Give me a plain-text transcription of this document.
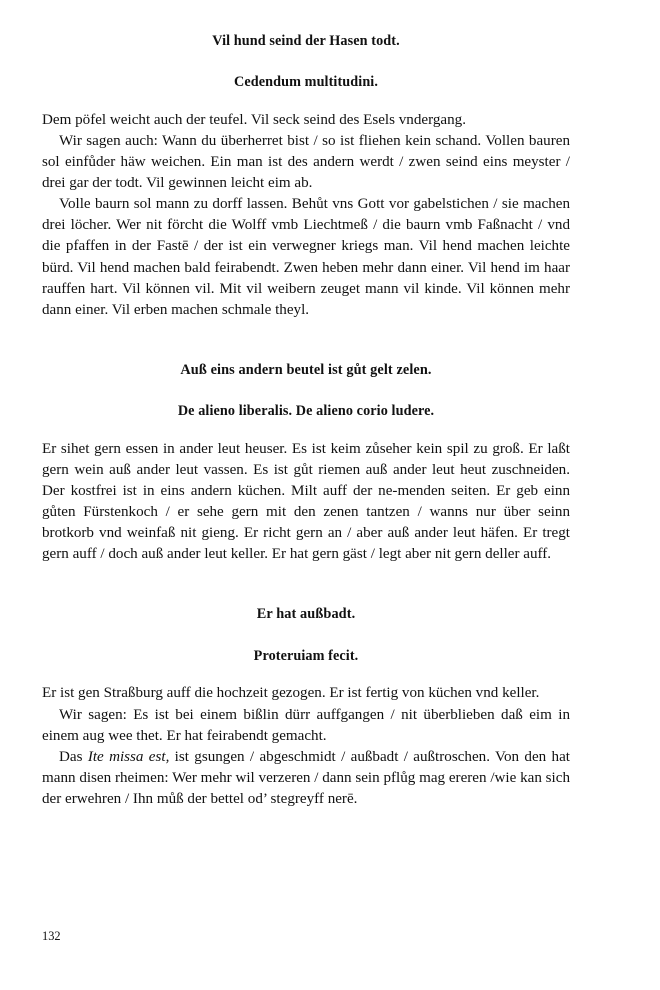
Vil hund seind der Hasen todt.

Cedendum multitudini.

Dem pöfel weicht auch der teufel. Vil seck seind des Esels vndergang.

Wir sagen auch: Wann du überherret bist / so ist fliehen kein schand. Vollen bauren sol einfůder häw weichen. Ein man ist des andern werdt / zwen seind eins meyster / drei gar der todt. Vil gewinnen leicht eim ab.

Volle baurn sol mann zu dorff lassen. Behůt vns Gott vor gabelstichen / sie machen drei löcher. Wer nit förcht die Wolff vmb Liechtmeß / die baurn vmb Faßnacht / vnd die pfaffen in der Fastē / der ist ein verwegner kriegs man. Vil hend machen leichte bürd. Vil hend machen bald feirabendt. Zwen heben mehr dann einer. Vil hend im haar rauffen hart. Vil können vil. Mit vil weibern zeuget mann vil kinde. Vil können mehr dann einer. Vil erben machen schmale theyl.

Auß eins andern beutel ist gůt gelt zelen.

De alieno liberalis. De alieno corio ludere.

Er sihet gern essen in ander leut heuser. Es ist keim zůseher kein spil zu groß. Er laßt gern wein auß ander leut vassen. Es ist gůt riemen auß ander leut heut zuschneiden. Der kostfrei ist in eins andern küchen. Milt auff der ne-menden seiten. Er geb einn gůten Fürstenkoch / er sehe gern mit den zenen tantzen / wanns nur über seinn brotkorb vnd weinfaß nit gieng. Er richt gern an / aber auß ander leut häfen. Er tregt gern auff / doch auß ander leut keller. Er hat gern gäst / legt aber nit gern deller auff.

Er hat außbadt.

Proteruiam fecit.

Er ist gen Straßburg auff die hochzeit gezogen. Er ist fertig von küchen vnd keller.

Wir sagen: Es ist bei einem bißlin dürr auffgangen / nit überblieben daß eim in einem aug wee thet. Er hat feirabendt gemacht.

Das Ite missa est, ist gsungen / abgeschmidt / außbadt / außtroschen. Von den hat mann disen rheimen: Wer mehr wil verzeren / dann sein pflůg mag ereren /wie kan sich der erwehren / Ihn můß der bettel od’ stegreyff nerē.

132
